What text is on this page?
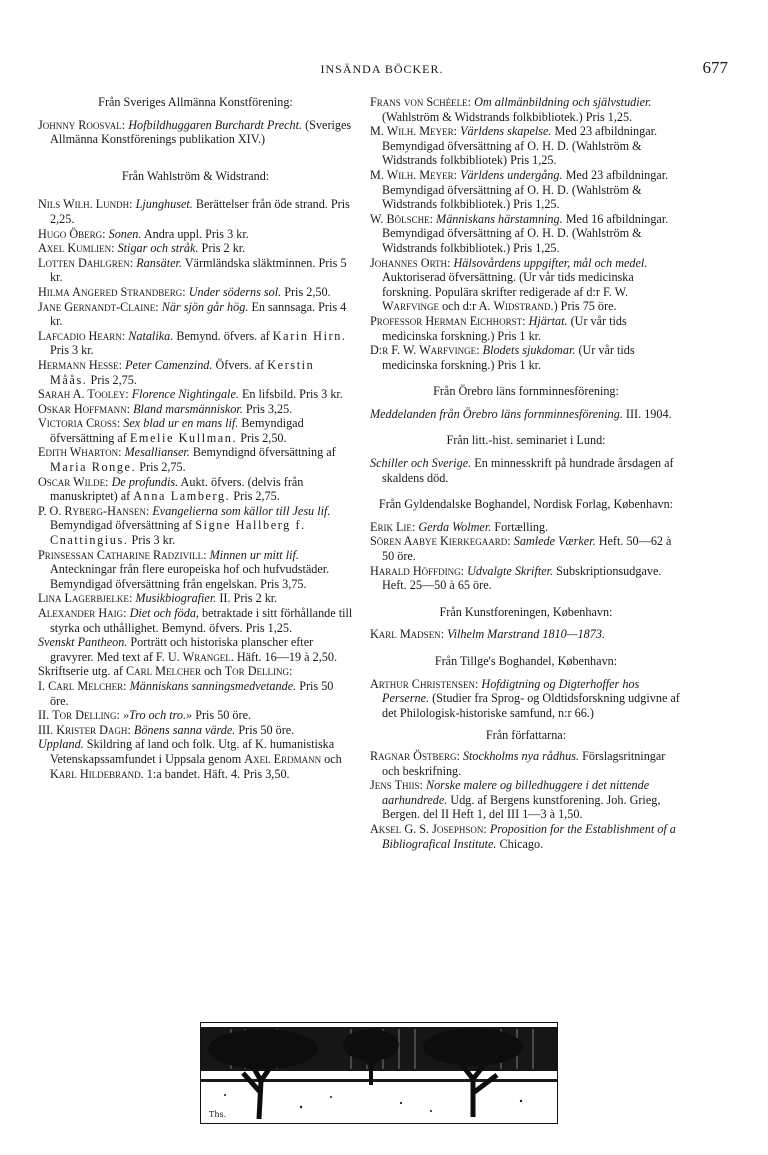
INSÄNDA BÖCKER.	677
Från Sveriges Allmänna Konstförening:

Johnny Roosval: Hofbildhuggaren Burchardt Precht. (Sveriges Allmänna Konstförenings publikation XIV.)

Från Wahlström & Widstrand:

Nils Wilh. Lundh: Ljunghuset. Berättelser från öde strand. Pris 2,25.

Hugo Öberg: Sonen. Andra uppl. Pris 3 kr.

Axel Kumlien: Stigar och stråk. Pris 2 kr.

Lotten Dahlgren: Ransäter. Värmländska släktminnen. Pris 5 kr.

Hilma Angered Strandberg: Under söderns sol. Pris 2,50.

Jane Gernandt-Claine: När sjön går hög. En sannsaga. Pris 4 kr.

Lafcadio Hearn: Natalika. Bemynd. öfvers. af Karin Hirn. Pris 3 kr.

Hermann Hesse: Peter Camenzind. Öfvers. af Kerstin Måås. Pris 2,75.

Sarah A. Tooley: Florence Nightingale. En lifsbild. Pris 3 kr.

Oskar Hoffmann: Bland marsmänniskor. Pris 3,25.

Victoria Cross: Sex blad ur en mans lif. Bemyndigad öfversättning af Emelie Kullman. Pris 2,50.

Edith Wharton: Mesallianser. Bemyndignd öfversättning af Maria Ronge. Pris 2,75.

Oscar Wilde: De profundis. Aukt. öfvers. (delvis från manuskriptet) af Anna Lamberg. Pris 2,75.

P. O. Ryberg-Hansen: Evangelierna som källor till Jesu lif. Bemyndigad öfversättning af Signe Hallberg f. Cnattingius. Pris 3 kr.

Prinsessan Catharine Radzivill: Minnen ur mitt lif. Anteckningar från flere europeiska hof och hufvudstäder. Bemyndigad öfversättning från engelskan. Pris 3,75.

Lina Lagerbjelke: Musikbiografier. II. Pris 2 kr.

Alexander Haig: Diet och föda, betraktade i sitt förhållande till styrka och uthållighet. Bemynd. öfvers. Pris 1,25.

Svenskt Pantheon. Porträtt och historiska planscher efter gravyrer. Med text af F. U. Wrangel. Häft. 16—19 à 2,50.

Skriftserie utg. af Carl Melcher och Tor Delling:

I. Carl Melcher: Människans sanningsmedvetande. Pris 50 öre.

II. Tor Delling: »Tro och tro.» Pris 50 öre.

III. Krister Dagh: Bönens sanna värde. Pris 50 öre.

Uppland. Skildring af land och folk. Utg. af K. humanistiska Vetenskapssamfundet i Uppsala genom Axel Erdmann och Karl Hildebrand. 1:a bandet. Häft. 4. Pris 3,50.

Frans von Schéele: Om allmänbildning och självstudier. (Wahlström & Widstrands folkbibliotek.) Pris 1,25.

M. Wilh. Meyer: Världens skapelse. Med 23 afbildningar. Bemyndigad öfversättning af O. H. D. (Wahlström & Widstrands folkbibliotek) Pris 1,25.

M. Wilh. Meyer: Världens undergång. Med 23 afbildningar. Bemyndigad öfversättning af O. H. D. (Wahlström & Widstrands folkbibliotek.) Pris 1,25.

W. Bölsche: Människans härstamning. Med 16 afbildningar. Bemyndigad öfversättning af O. H. D. (Wahlström & Widstrands folkbibliotek.) Pris 1,25.

Johannes Orth: Hälsovårdens uppgifter, mål och medel. Auktoriserad öfversättning. (Ur vår tids medicinska forskning. Populära skrifter redigerade af d:r F. W. Warfvinge och d:r A. Widstrand.) Pris 75 öre.

Professor Herman Eichhorst: Hjärtat. (Ur vår tids medicinska forskning.) Pris 1 kr.

D:r F. W. Warfvinge: Blodets sjukdomar. (Ur vår tids medicinska forskning.) Pris 1 kr.

Från Örebro läns fornminnesförening:

Meddelanden från Örebro läns fornminnesförening. III. 1904.

Från litt.-hist. seminariet i Lund:

Schiller och Sverige. En minnesskrift på hundrade årsdagen af skaldens död.

Från Gyldendalske Boghandel, Nordisk Forlag, København:

Erik Lie: Gerda Wolmer. Fortælling.

Sören Aabye Kierkegaard: Samlede Værker. Heft. 50—62 à 50 öre.

Harald Höffding: Udvalgte Skrifter. Subskriptionsudgave. Heft. 25—50 à 65 öre.

Från Kunstforeningen, København:

Karl Madsen: Vilhelm Marstrand 1810—1873.

Från Tillge's Boghandel, København:

Arthur Christensen: Hofdigtning og Digterhoffer hos Perserne. (Studier fra Sprog- og Oldtidsforskning udgivne af det Philologisk-historiske samfund, n:r 66.)

Från författarna:

Ragnar Östberg: Stockholms nya rådhus. Förslagsritningar och beskrifning.

Jens Thiis: Norske malere og billedhuggere i det nittende aarhundrede. Udg. af Bergens kunstforening. Joh. Grieg, Bergen. del II Heft 1, del III 1—3 à 1,50.

Aksel G. S. Josephson: Proposition for the Establishment of a Bibliografical Institute. Chicago.

Ths.
